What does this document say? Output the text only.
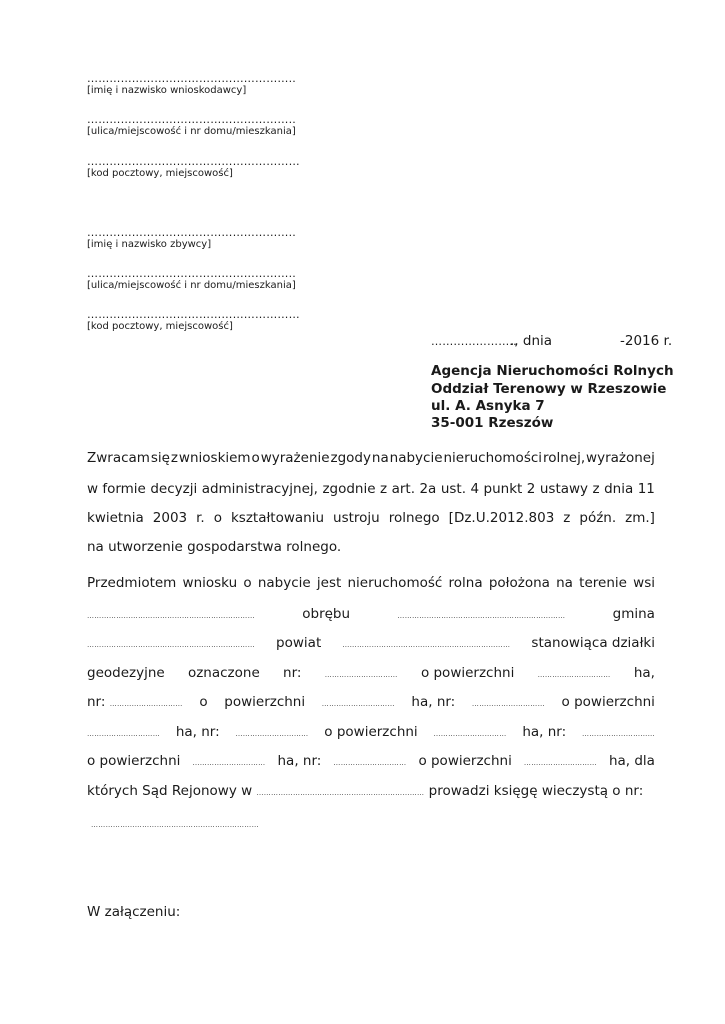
………………………………………………..
[imię i nazwisko wnioskodawcy]
………………………………………………..
[ulica/miejscowość i nr domu/mieszkania]
…………………………………………………
[kod pocztowy, miejscowość]
………………………………………………..
[imię i nazwisko zbywcy]
………………………………………………..
[ulica/miejscowość i nr domu/mieszkania]
…………………………………………………
[kod pocztowy, miejscowość]
…………………..
., dnia	-2016 r.
Agencja Nieruchomości Rolnych
Oddział Terenowy w Rzeszowie
ul. A. Asnyka 7
35-001 Rzeszów
Zwracam się z wnioskiem o wyrażenie zgody na nabycie nieruchomości rolnej, wyrażonej
w formie decyzji administracyjnej, zgodnie z art. 2a ust. 4 punkt 2 ustawy z dnia 11
kwietnia 2003 r. o kształtowaniu ustroju rolnego [Dz.U.2012.803 z późn. zm.]
na utworzenie gospodarstwa rolnego.
Przedmiotem wniosku o nabycie jest nieruchomość rolna położona na terenie wsi
……………………………………………………………	obrębu	……………………………………………………………	gmina
…………………………………………………………… powiat	…………………………………………………………… stanowiąca działki
geodezyjne oznaczone nr:	………………………… o powierzchni	………………………… ha,
nr: ………………………… o powierzchni ………………………… ha, nr: ………………………… o powierzchni
………………………… ha, nr: ………………………… o powierzchni ………………………… ha, nr: …………………………
o powierzchni ………………………… ha, nr: ………………………… o powierzchni ………………………… ha, dla
których Sąd Rejonowy w …………………………………………………………… prowadzi księgę wieczystą o nr:
……………………………………………………………
W załączeniu:
